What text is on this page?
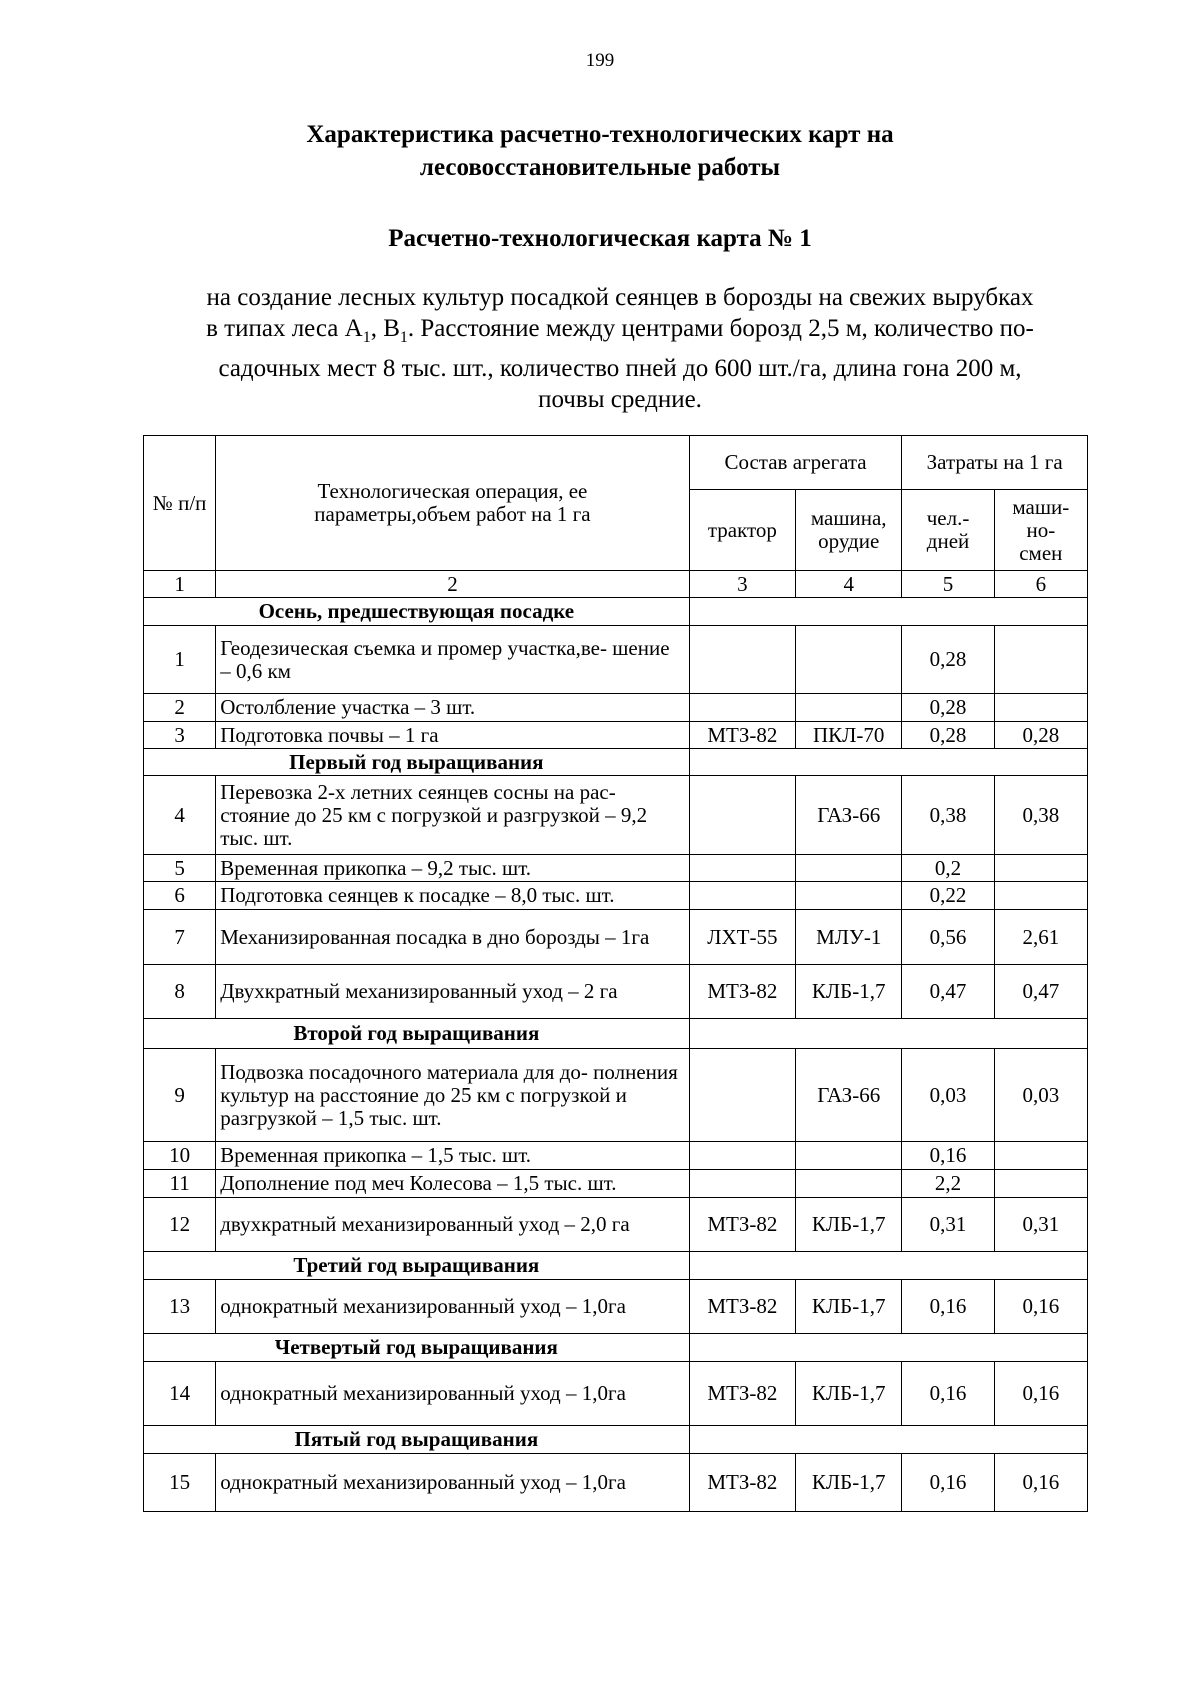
199
Характеристика расчетно-технологических карт на
лесовосстановительные работы
Расчетно-технологическая карта № 1
на создание лесных культур посадкой сеянцев в борозды на свежих вырубках
в типах леса $А_1$, $В_1$. Расстояние между центрами борозд 2,5 м, количество по-
садочных мест 8 тыс. шт., количество пней до 600 шт./га, длина гона 200 м,
почвы средние.
№ п/п	Технологическая операция, ее параметры,объем работ на 1 га	Состав агрегата		Затраты на 1 га	
		трактор	машина, орудие	чел.- дней	маши- но- смен
1	2	3	4	5	6
Осень, предшествующая посадке					
1	Геодезическая съемка и промер участка,ве- шение – 0,6 км			0,28	
2	Остолбление участка – 3 шт.			0,28	
3	Подготовка почвы – 1 га	МТЗ-82	ПКЛ-70	0,28	0,28
Первый год выращивания					
4	Перевозка 2-х летних сеянцев сосны на рас- стояние до 25 км с погрузкой и разгрузкой – 9,2 тыс. шт.		ГАЗ-66	0,38	0,38
5	Временная прикопка – 9,2 тыс. шт.			0,2	
6	Подготовка сеянцев к посадке – 8,0 тыс. шт.			0,22	
7	Механизированная посадка в дно борозды – 1га	ЛХТ-55	МЛУ-1	0,56	2,61
8	Двухкратный механизированный уход – 2 га	МТЗ-82	КЛБ-1,7	0,47	0,47
Второй год выращивания					
9	Подвозка посадочного материала для до- полнения культур на расстояние до 25 км с погрузкой и разгрузкой – 1,5 тыс. шт.		ГАЗ-66	0,03	0,03
10	Временная прикопка – 1,5 тыс. шт.			0,16	
11	Дополнение под меч Колесова – 1,5 тыс. шт.			2,2	
12	двухкратный механизированный уход – 2,0 га	МТЗ-82	КЛБ-1,7	0,31	0,31
Третий год выращивания					
13	однократный механизированный уход – 1,0га	МТЗ-82	КЛБ-1,7	0,16	0,16
Четвертый год выращивания					
14	однократный механизированный уход – 1,0га	МТЗ-82	КЛБ-1,7	0,16	0,16
Пятый год выращивания					
15	однократный механизированный уход – 1,0га	МТЗ-82	КЛБ-1,7	0,16	0,16
